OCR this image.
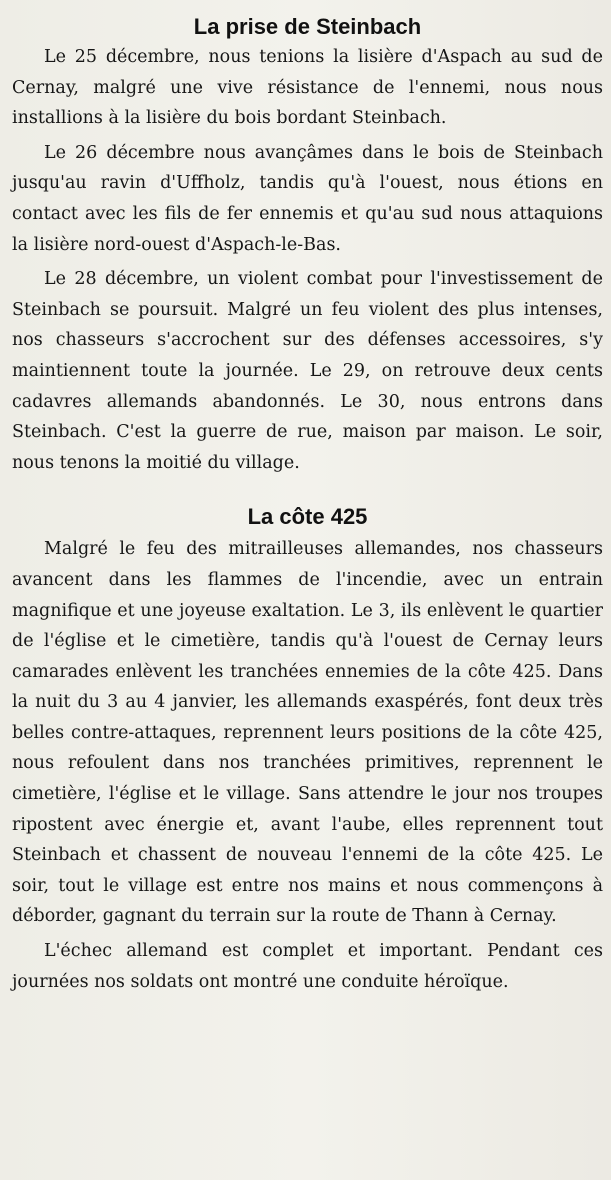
La prise de Steinbach

Le 25 décembre, nous tenions la lisière d'Aspach au sud de Cernay, malgré une vive résistance de l'ennemi, nous nous installions à la lisière du bois bordant Steinbach.

Le 26 décembre nous avançâmes dans le bois de Steinbach jusqu'au ravin d'Uffholz, tandis qu'à l'ouest, nous étions en contact avec les fils de fer ennemis et qu'au sud nous attaquions la lisière nord-ouest d'Aspach-le-Bas.

Le 28 décembre, un violent combat pour l'investissement de Steinbach se poursuit. Malgré un feu violent des plus intenses, nos chasseurs s'accrochent sur des défenses accessoires, s'y maintiennent toute la journée. Le 29, on retrouve deux cents cadavres allemands abandonnés. Le 30, nous entrons dans Steinbach. C'est la guerre de rue, maison par maison. Le soir, nous tenons la moitié du village.

La côte 425

Malgré le feu des mitrailleuses allemandes, nos chasseurs avancent dans les flammes de l'incendie, avec un entrain magnifique et une joyeuse exaltation. Le 3, ils enlèvent le quartier de l'église et le cimetière, tandis qu'à l'ouest de Cernay leurs camarades enlèvent les tranchées ennemies de la côte 425. Dans la nuit du 3 au 4 janvier, les allemands exaspérés, font deux très belles contre-attaques, reprennent leurs positions de la côte 425, nous refoulent dans nos tranchées primitives, reprennent le cimetière, l'église et le village. Sans attendre le jour nos troupes ripostent avec énergie et, avant l'aube, elles reprennent tout Steinbach et chassent de nouveau l'ennemi de la côte 425. Le soir, tout le village est entre nos mains et nous commençons à déborder, gagnant du terrain sur la route de Thann à Cernay.

L'échec allemand est complet et important. Pendant ces journées nos soldats ont montré une conduite héroïque.
